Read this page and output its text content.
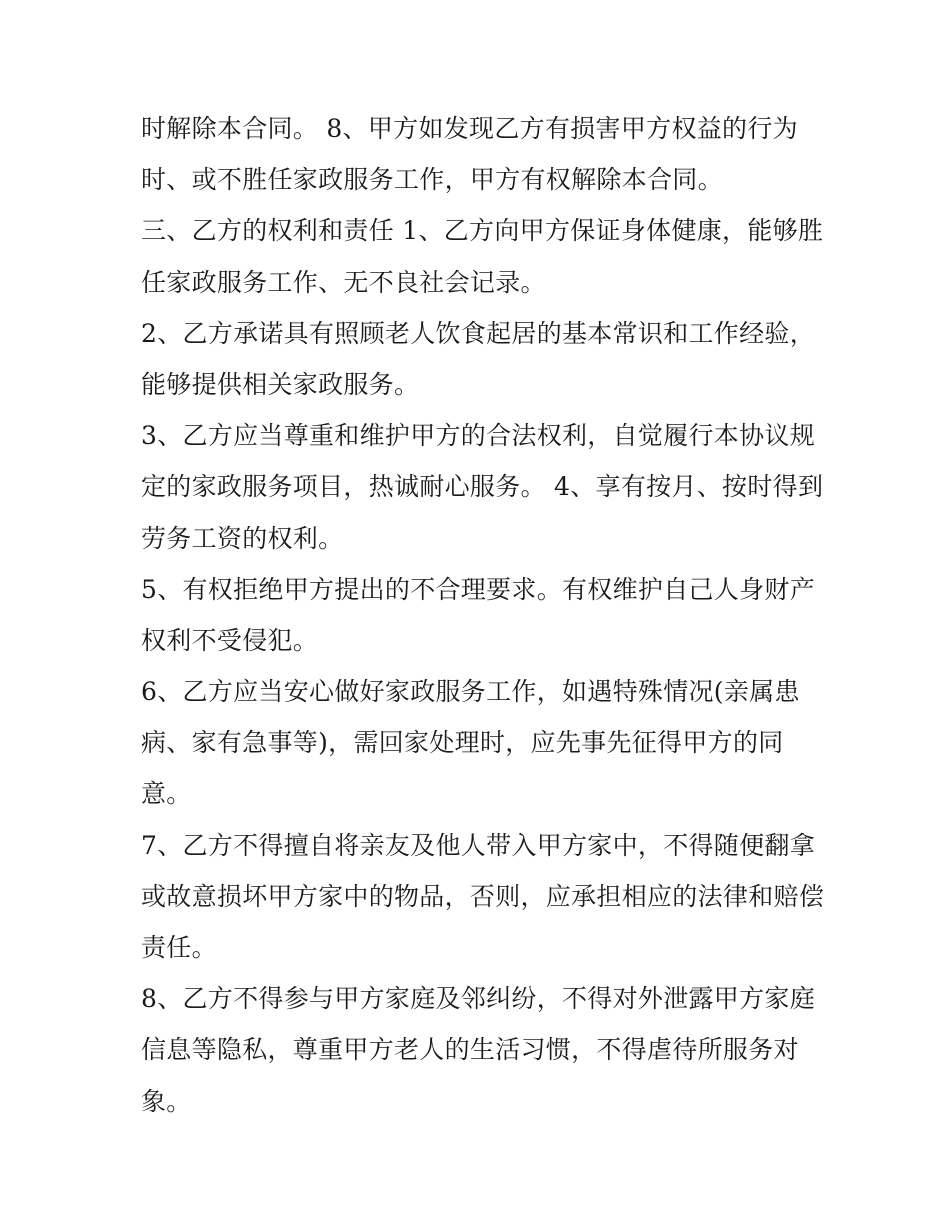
时解除本合同。 8、甲方如发现乙方有损害甲方权益的行为
时、或不胜任家政服务工作，甲方有权解除本合同。
三、乙方的权利和责任 1、乙方向甲方保证身体健康，能够胜
任家政服务工作、无不良社会记录。
2、乙方承诺具有照顾老人饮食起居的基本常识和工作经验，
能够提供相关家政服务。
3、乙方应当尊重和维护甲方的合法权利，自觉履行本协议规
定的家政服务项目，热诚耐心服务。 4、享有按月、按时得到
劳务工资的权利。
5、有权拒绝甲方提出的不合理要求。有权维护自己人身财产
权利不受侵犯。
6、乙方应当安心做好家政服务工作，如遇特殊情况(亲属患
病、家有急事等)，需回家处理时，应先事先征得甲方的同
意。
7、乙方不得擅自将亲友及他人带入甲方家中，不得随便翻拿
或故意损坏甲方家中的物品，否则，应承担相应的法律和赔偿
责任。
8、乙方不得参与甲方家庭及邻纠纷，不得对外泄露甲方家庭
信息等隐私，尊重甲方老人的生活习惯，不得虐待所服务对
象。
